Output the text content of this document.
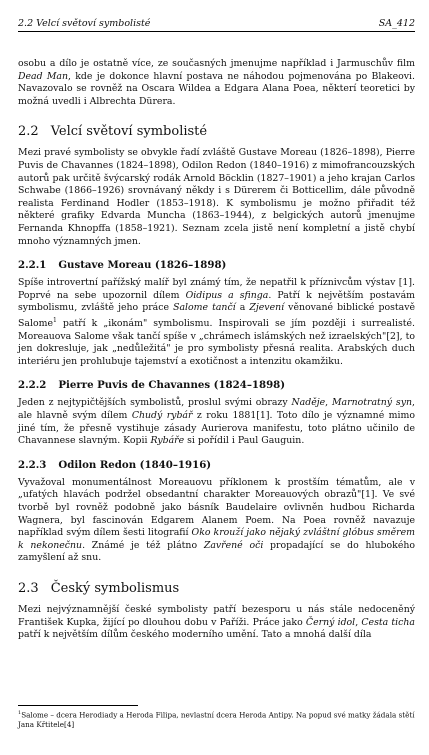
2.2 Velcí světoví symbolisté	SA_412

osobu a dílo je ostatně více, ze současných jmenujme například i Jarmuschův film Dead Man, kde je dokonce hlavní postava ne náhodou pojmenována po Blakeovi. Navazovalo se rovněž na Oscara Wildea a Edgara Alana Poea, některí teoretici by možná uvedli i Albrechta Dürera.

2.2 Velcí světoví symbolisté

Mezi pravé symbolisty se obvykle řadí zvláště Gustave Moreau (1826–1898), Pierre Puvis de Chavannes (1824–1898), Odilon Redon (1840–1916) z mimofrancouzských autorů pak určitě švýcarský rodák Arnold Böcklin (1827–1901) a jeho krajan Carlos Schwabe (1866–1926) srovnávaný někdy i s Dürerem či Botticellim, dále původně realista Ferdinand Hodler (1853–1918). K symbolismu je možno přiřadit též některé grafiky Edvarda Muncha (1863–1944), z belgických autorů jmenujme Fernanda Khnopffa (1858–1921). Seznam zcela jistě není kompletní a jistě chybí mnoho významných jmen.

2.2.1 Gustave Moreau (1826–1898)

Spíše introvertní pařížský malíř byl známý tím, že nepatřil k příznivcům výstav [1]. Poprvé na sebe upozornil dílem Oidipus a sfinga. Patří k největším postavám symbolismu, zvláště jeho práce Salome tančí a Zjevení věnované biblické postavě Salome$^1$ patří k „ikonám" symbolismu. Inspirovali se jím později i surrealisté. Moreauova Salome však tančí spíše v „chrámech islámských než izraelských"[2], to jen dokresluje, jak „nedůležitá" je pro symbolisty přesná realita. Arabských duch interiéru jen prohlubuje tajemství a exotičnost a intenzitu okamžiku.

2.2.2 Pierre Puvis de Chavannes (1824–1898)

Jeden z nejtypičtějších symbolistů, proslul svými obrazy Naděje, Marnotratný syn, ale hlavně svým dílem Chudý rybář z roku 1881[1]. Toto dílo je významné mimo jiné tím, že přesně vystihuje zásady Aurierova manifestu, toto plátno učinilo de Chavannese slavným. Kopii Rybáře si pořídil i Paul Gauguin.

2.2.3 Odilon Redon (1840–1916)

Vyvažoval monumentálnost Moreauovu příklonem k prostším tématům, ale v „ufatých hlavách podržel obsedantní charakter Moreauových obrazů"[1]. Ve své tvorbě byl rovněž podobně jako básník Baudelaire ovlivněn hudbou Richarda Wagnera, byl fascinován Edgarem Alanem Poem. Na Poea rovněž navazuje například svým dílem šesti litografií Oko krouží jako nějaký zvláštní glóbus směrem k nekonečnu. Známé je též plátno Zavřené oči propadající se do hlubokého zamyšlení až snu.

2.3 Český symbolismus

Mezi nejvýznamnější české symbolisty patří bezesporu u nás stále nedoceněný František Kupka, žijící po dlouhou dobu v Paříži. Práce jako Černý idol, Cesta ticha patří k největším dílům českého moderního umění. Tato a mnohá další díla

$^1$Salome – dcera Herodiady a Heroda Filipa, nevlastní dcera Heroda Antipy. Na popud své matky žádala stětí Jana Křtitele[4]
